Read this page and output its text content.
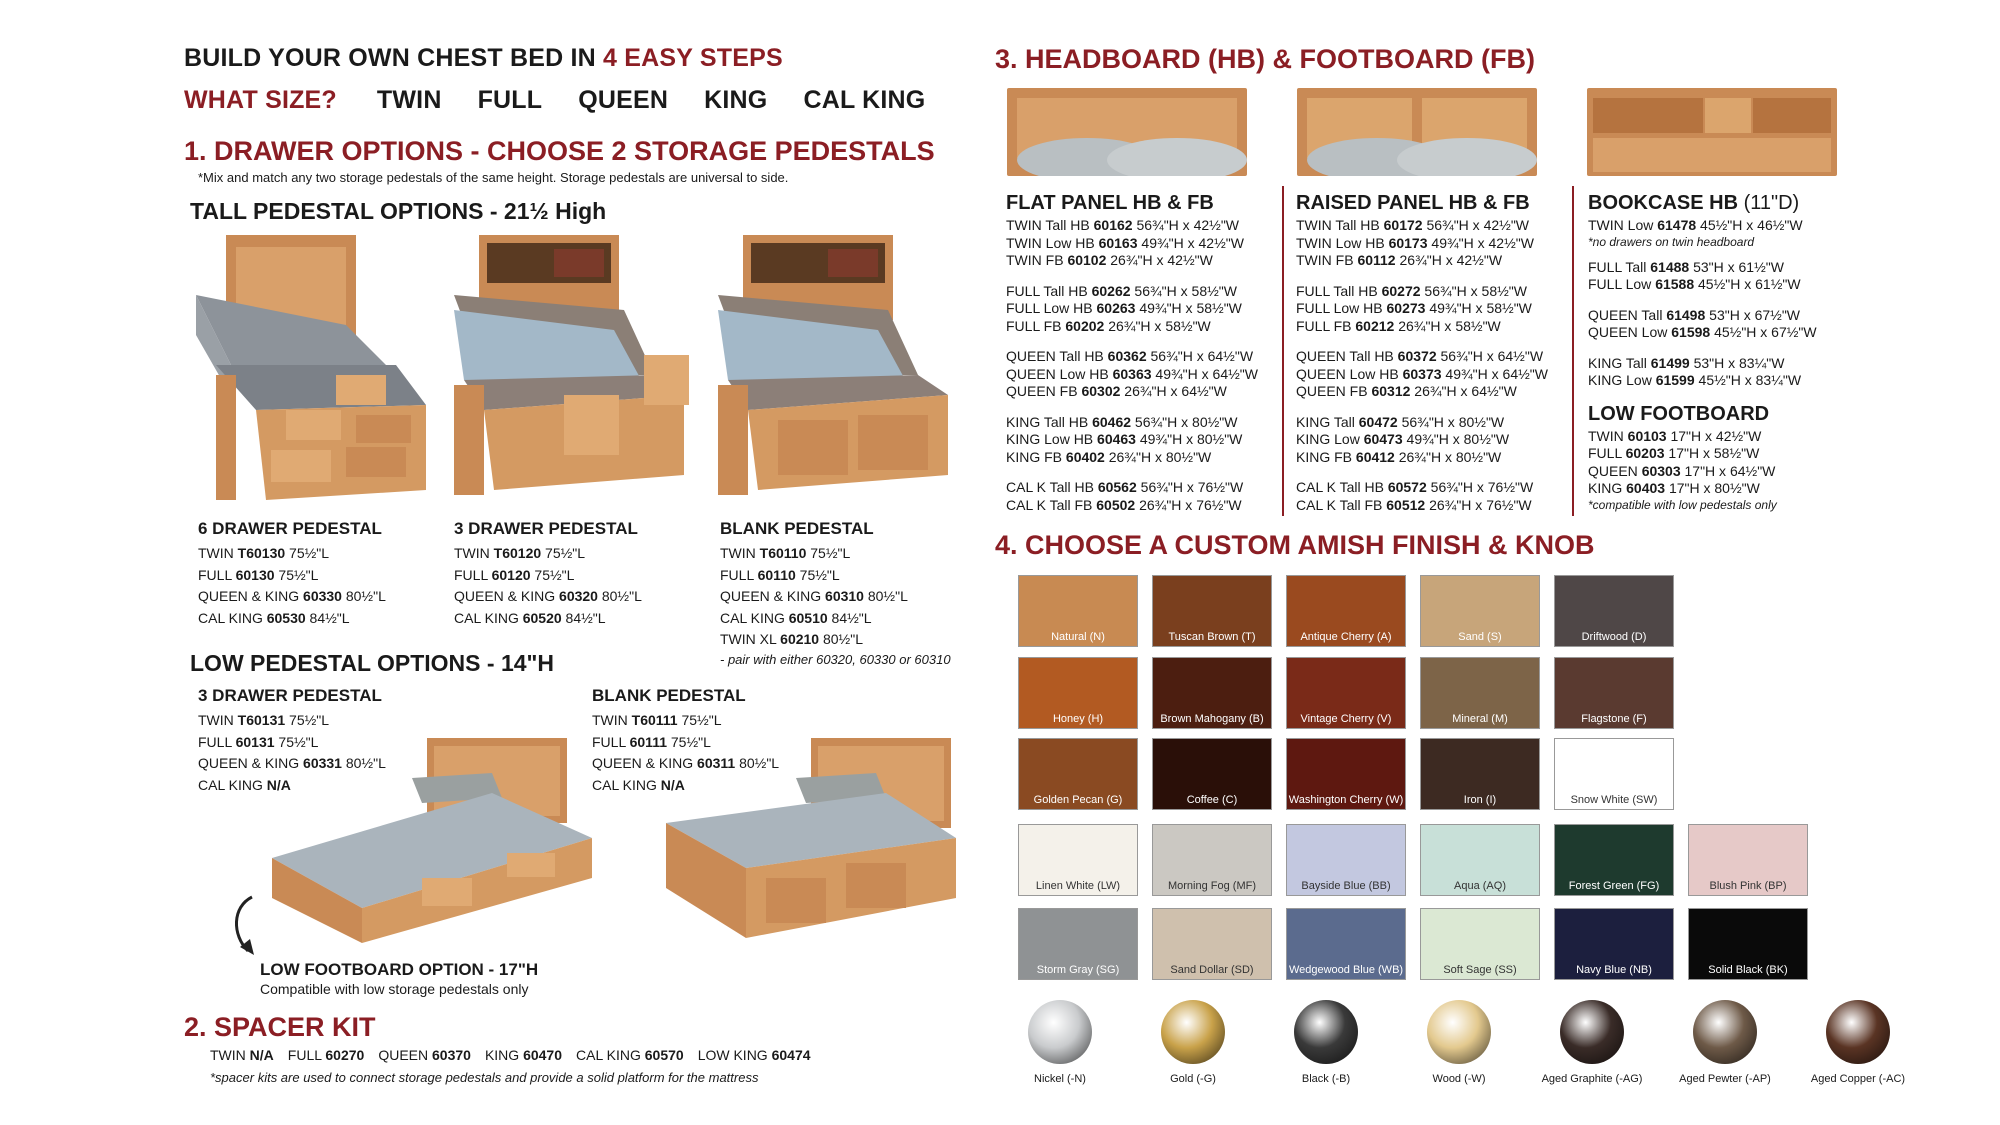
BUILD YOUR OWN CHEST BED IN 4 EASY STEPS
WHAT SIZE? TWIN FULL QUEEN KING CAL KING
1. DRAWER OPTIONS - CHOOSE 2 STORAGE PEDESTALS
*Mix and match any two storage pedestals of the same height. Storage pedestals are universal to side.
TALL PEDESTAL OPTIONS - 21½ High
6 DRAWER PEDESTAL
TWIN T60130 75½"L
FULL 60130 75½"L
QUEEN & KING 60330 80½"L
CAL KING 60530 84½"L
3 DRAWER PEDESTAL
TWIN T60120 75½"L
FULL 60120 75½"L
QUEEN & KING 60320 80½"L
CAL KING 60520 84½"L
BLANK PEDESTAL
TWIN T60110 75½"L
FULL 60110 75½"L
QUEEN & KING 60310 80½"L
CAL KING 60510 84½"L
TWIN XL 60210 80½"L
- pair with either 60320, 60330 or 60310
LOW PEDESTAL OPTIONS - 14"H
3 DRAWER PEDESTAL
TWIN T60131 75½"L
FULL 60131 75½"L
QUEEN & KING 60331 80½"L
CAL KING N/A
BLANK PEDESTAL
TWIN T60111 75½"L
FULL 60111 75½"L
QUEEN & KING 60311 80½"L
CAL KING N/A
LOW FOOTBOARD OPTION - 17"H
Compatible with low storage pedestals only
2. SPACER KIT
TWIN N/A FULL 60270 QUEEN 60370 KING 60470 CAL KING 60570 LOW KING 60474
*spacer kits are used to connect storage pedestals and provide a solid platform for the mattress
3. HEADBOARD (HB) & FOOTBOARD (FB)
FLAT PANEL HB & FB
TWIN Tall HB 60162 56¾"H x 42½"W
TWIN Low HB 60163 49¾"H x 42½"W
TWIN FB 60102 26¾"H x 42½"W
FULL Tall HB 60262 56¾"H x 58½"W
FULL Low HB 60263 49¾"H x 58½"W
FULL FB 60202 26¾"H x 58½"W
QUEEN Tall HB 60362 56¾"H x 64½"W
QUEEN Low HB 60363 49¾"H x 64½"W
QUEEN FB 60302 26¾"H x 64½"W
KING Tall HB 60462 56¾"H x 80½"W
KING Low HB 60463 49¾"H x 80½"W
KING FB 60402 26¾"H x 80½"W
CAL K Tall HB 60562 56¾"H x 76½"W
CAL K Tall FB 60502 26¾"H x 76½"W
RAISED PANEL HB & FB
TWIN Tall HB 60172 56¾"H x 42½"W
TWIN Low HB 60173 49¾"H x 42½"W
TWIN FB 60112 26¾"H x 42½"W
FULL Tall HB 60272 56¾"H x 58½"W
FULL Low HB 60273 49¾"H x 58½"W
FULL FB 60212 26¾"H x 58½"W
QUEEN Tall HB 60372 56¾"H x 64½"W
QUEEN Low HB 60373 49¾"H x 64½"W
QUEEN FB 60312 26¾"H x 64½"W
KING Tall 60472 56¾"H x 80½"W
KING Low 60473 49¾"H x 80½"W
KING FB 60412 26¾"H x 80½"W
CAL K Tall HB 60572 56¾"H x 76½"W
CAL K Tall FB 60512 26¾"H x 76½"W
BOOKCASE HB (11"D)
TWIN Low 61478 45½"H x 46½"W
*no drawers on twin headboard
FULL Tall 61488 53"H x 61½"W
FULL Low 61588 45½"H x 61½"W
QUEEN Tall 61498 53"H x 67½"W
QUEEN Low 61598 45½"H x 67½"W
KING Tall 61499 53"H x 83¼"W
KING Low 61599 45½"H x 83¼"W
LOW FOOTBOARD
TWIN 60103 17"H x 42½"W
FULL 60203 17"H x 58½"W
QUEEN 60303 17"H x 64½"W
KING 60403 17"H x 80½"W
*compatible with low pedestals only
4. CHOOSE A CUSTOM AMISH FINISH & KNOB
Natural (N)	Tuscan Brown (T)	Antique Cherry (A)	Sand (S)	Driftwood (D)
Honey (H)	Brown Mahogany (B)	Vintage Cherry (V)	Mineral (M)	Flagstone (F)
Golden Pecan (G)	Coffee (C)	Washington Cherry (W)	Iron (I)	Snow White (SW)
Linen White (LW)	Morning Fog (MF)	Bayside Blue (BB)	Aqua (AQ)	Forest Green (FG)	Blush Pink (BP)
Storm Gray (SG)	Sand Dollar (SD)	Wedgewood Blue (WB)	Soft Sage (SS)	Navy Blue (NB)	Solid Black (BK)
Nickel (-N)	Gold (-G)	Black (-B)	Wood (-W)	Aged Graphite (-AG)	Aged Pewter (-AP)	Aged Copper (-AC)
